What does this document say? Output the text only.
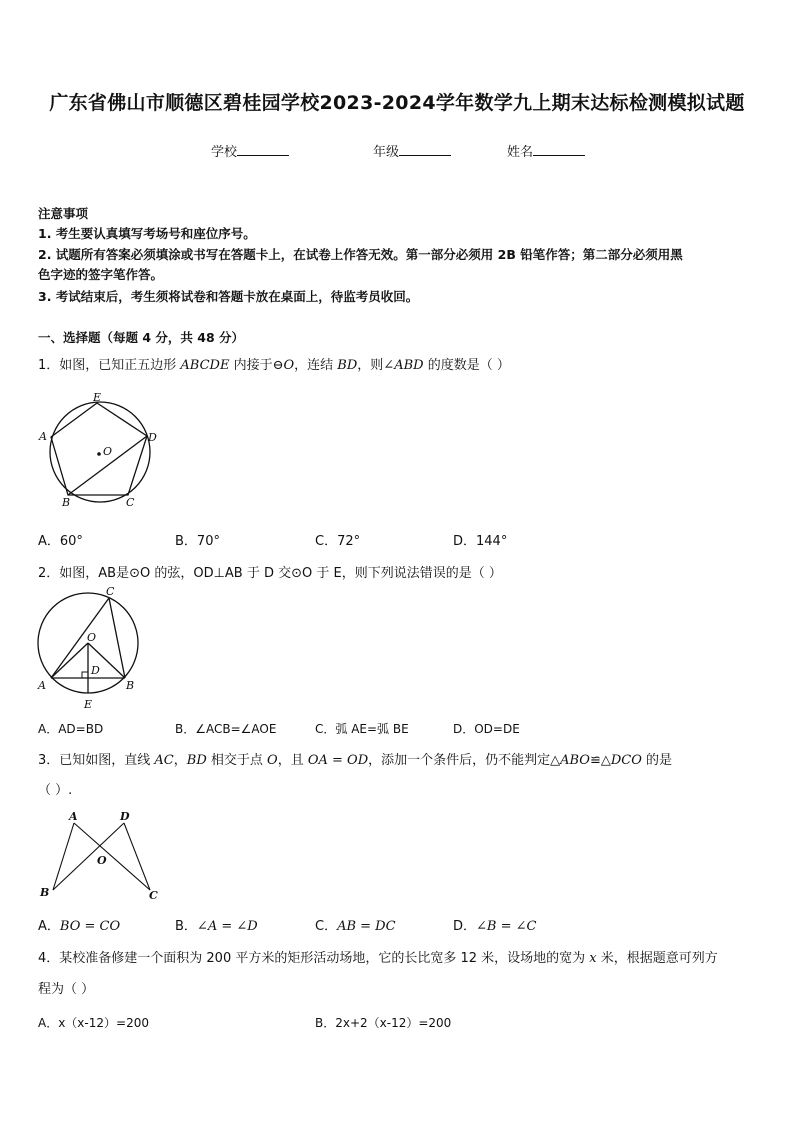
广东省佛山市顺德区碧桂园学校2023-2024学年数学九上期末达标检测模拟试题
学校	年级	姓名
注意事项
1. 考生要认真填写考场号和座位序号。
2. 试题所有答案必须填涂或书写在答题卡上，在试卷上作答无效。第一部分必须用 2B 铅笔作答；第二部分必须用黑
色字迹的签字笔作答。
3. 考试结束后，考生须将试卷和答题卡放在桌面上，待监考员收回。
一、选择题（每题 4 分，共 48 分）
1．如图，已知正五边形 ABCDE 内接于⊖O，连结 BD，则∠ABD 的度数是（ ）
E
A	D
O
B	C
A．60°	B．70°	C．72°	D．144°
2．如图，AB是⊙O 的弦，OD⊥AB 于 D 交⊙O 于 E，则下列说法错误的是（ ）
C
O
D
A	B
E
A．AD=BD	B．∠ACB=∠AOE	C．弧 AE=弧 BE	D．OD=DE
3．已知如图，直线 AC，BD 相交于点 O，且 OA = OD，添加一个条件后，仍不能判定△ABO≌△DCO 的是
（ ）.
A	D
O
B	C
A．BO = CO	B．∠A = ∠D	C．AB = DC	D．∠B = ∠C
4．某校准备修建一个面积为 200 平方米的矩形活动场地，它的长比宽多 12 米，设场地的宽为 x 米，根据题意可列方
程为（ ）
A．x（x-12）=200	B．2x+2（x-12）=200
